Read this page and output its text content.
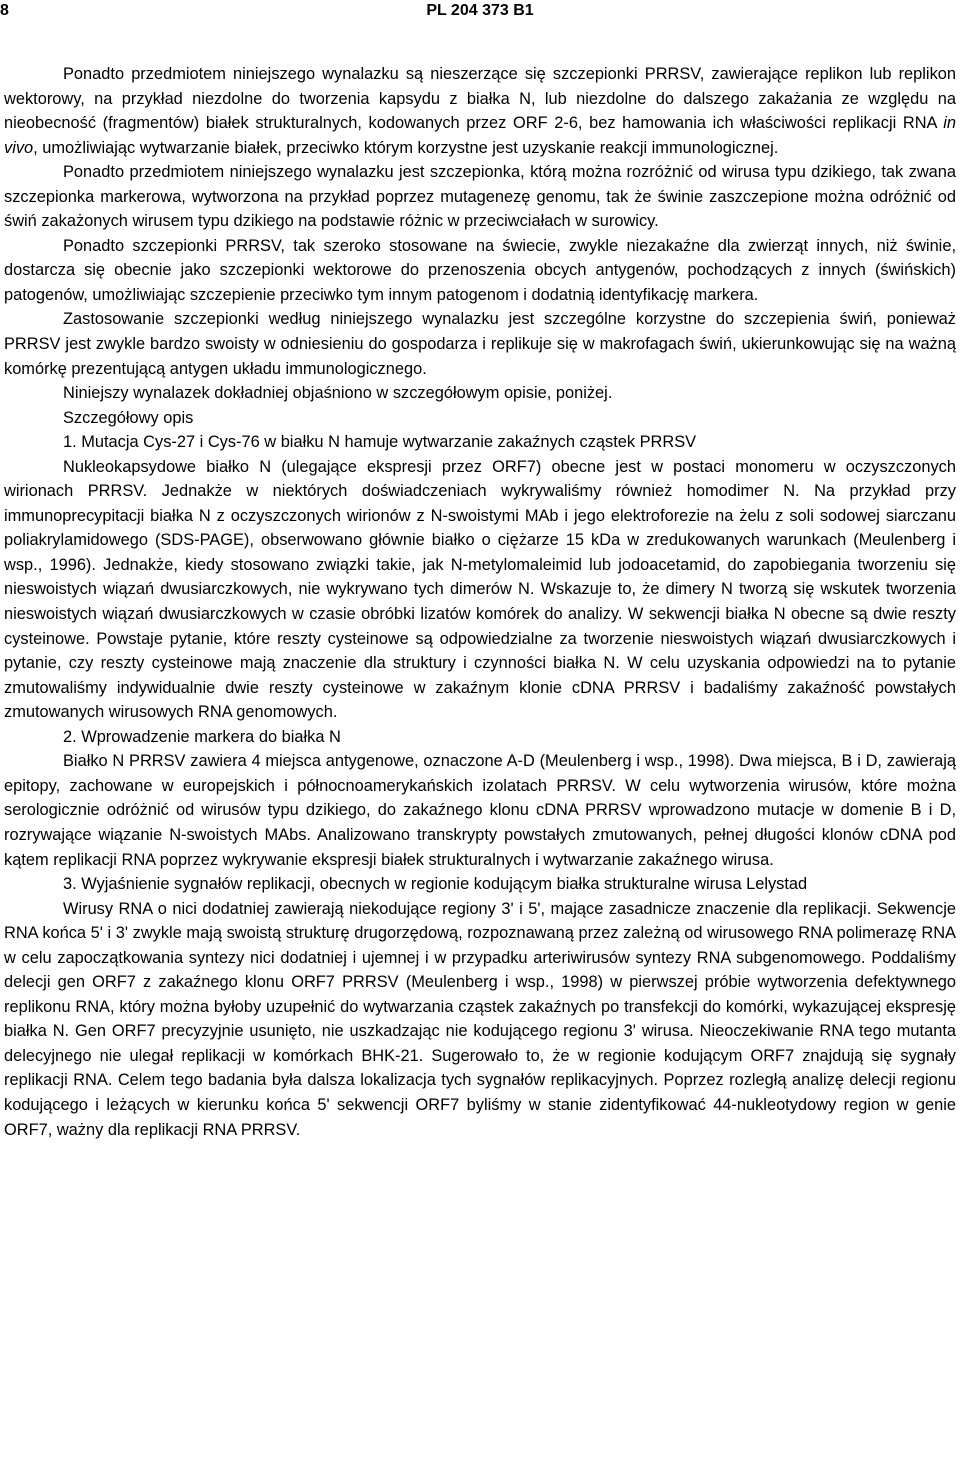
8	PL 204 373 B1

Ponadto przedmiotem niniejszego wynalazku są nieszerzące się szczepionki PRRSV, zawierające replikon lub replikon wektorowy, na przykład niezdolne do tworzenia kapsydu z białka N, lub niezdolne do dalszego zakażania ze względu na nieobecność (fragmentów) białek strukturalnych, kodowanych przez ORF 2-6, bez hamowania ich właściwości replikacji RNA in vivo, umożliwiając wytwarzanie białek, przeciwko którym korzystne jest uzyskanie reakcji immunologicznej.

Ponadto przedmiotem niniejszego wynalazku jest szczepionka, którą można rozróżnić od wirusa typu dzikiego, tak zwana szczepionka markerowa, wytworzona na przykład poprzez mutagenezę genomu, tak że świnie zaszczepione można odróżnić od świń zakażonych wirusem typu dzikiego na podstawie różnic w przeciwciałach w surowicy.

Ponadto szczepionki PRRSV, tak szeroko stosowane na świecie, zwykle niezakaźne dla zwierząt innych, niż świnie, dostarcza się obecnie jako szczepionki wektorowe do przenoszenia obcych antygenów, pochodzących z innych (świńskich) patogenów, umożliwiając szczepienie przeciwko tym innym patogenom i dodatnią identyfikację markera.

Zastosowanie szczepionki według niniejszego wynalazku jest szczególne korzystne do szczepienia świń, ponieważ PRRSV jest zwykle bardzo swoisty w odniesieniu do gospodarza i replikuje się w makrofagach świń, ukierunkowując się na ważną komórkę prezentującą antygen układu immunologicznego.

Niniejszy wynalazek dokładniej objaśniono w szczegółowym opisie, poniżej.

Szczegółowy opis

1. Mutacja Cys-27 i Cys-76 w białku N hamuje wytwarzanie zakaźnych cząstek PRRSV

Nukleokapsydowe białko N (ulegające ekspresji przez ORF7) obecne jest w postaci monomeru w oczyszczonych wirionach PRRSV. Jednakże w niektórych doświadczeniach wykrywaliśmy również homodimer N. Na przykład przy immunoprecypitacji białka N z oczyszczonych wirionów z N-swoistymi MAb i jego elektroforezie na żelu z soli sodowej siarczanu poliakrylamidowego (SDS-PAGE), obserwowano głównie białko o ciężarze 15 kDa w zredukowanych warunkach (Meulenberg i wsp., 1996). Jednakże, kiedy stosowano związki takie, jak N-metylomaleimid lub jodoacetamid, do zapobiegania tworzeniu się nieswoistych wiązań dwusiarczkowych, nie wykrywano tych dimerów N. Wskazuje to, że dimery N tworzą się wskutek tworzenia nieswoistych wiązań dwusiarczkowych w czasie obróbki lizatów komórek do analizy. W sekwencji białka N obecne są dwie reszty cysteinowe. Powstaje pytanie, które reszty cysteinowe są odpowiedzialne za tworzenie nieswoistych wiązań dwusiarczkowych i pytanie, czy reszty cysteinowe mają znaczenie dla struktury i czynności białka N. W celu uzyskania odpowiedzi na to pytanie zmutowaliśmy indywidualnie dwie reszty cysteinowe w zakaźnym klonie cDNA PRRSV i badaliśmy zakaźność powstałych zmutowanych wirusowych RNA genomowych.

2. Wprowadzenie markera do białka N

Białko N PRRSV zawiera 4 miejsca antygenowe, oznaczone A-D (Meulenberg i wsp., 1998). Dwa miejsca, B i D, zawierają epitopy, zachowane w europejskich i północnoamerykańskich izolatach PRRSV. W celu wytworzenia wirusów, które można serologicznie odróżnić od wirusów typu dzikiego, do zakaźnego klonu cDNA PRRSV wprowadzono mutacje w domenie B i D, rozrywające wiązanie N-swoistych MAbs. Analizowano transkrypty powstałych zmutowanych, pełnej długości klonów cDNA pod kątem replikacji RNA poprzez wykrywanie ekspresji białek strukturalnych i wytwarzanie zakaźnego wirusa.

3. Wyjaśnienie sygnałów replikacji, obecnych w regionie kodującym białka strukturalne wirusa Lelystad

Wirusy RNA o nici dodatniej zawierają niekodujące regiony 3' i 5', mające zasadnicze znaczenie dla replikacji. Sekwencje RNA końca 5' i 3' zwykle mają swoistą strukturę drugorzędową, rozpoznawaną przez zależną od wirusowego RNA polimerazę RNA w celu zapoczątkowania syntezy nici dodatniej i ujemnej i w przypadku arteriwirusów syntezy RNA subgenomowego. Poddaliśmy delecji gen ORF7 z zakaźnego klonu ORF7 PRRSV (Meulenberg i wsp., 1998) w pierwszej próbie wytworzenia defektywnego replikonu RNA, który można byłoby uzupełnić do wytwarzania cząstek zakaźnych po transfekcji do komórki, wykazującej ekspresję białka N. Gen ORF7 precyzyjnie usunięto, nie uszkadzając nie kodującego regionu 3' wirusa. Nieoczekiwanie RNA tego mutanta delecyjnego nie ulegał replikacji w komórkach BHK-21. Sugerowało to, że w regionie kodującym ORF7 znajdują się sygnały replikacji RNA. Celem tego badania była dalsza lokalizacja tych sygnałów replikacyjnych. Poprzez rozległą analizę delecji regionu kodującego i leżących w kierunku końca 5' sekwencji ORF7 byliśmy w stanie zidentyfikować 44-nukleotydowy region w genie ORF7, ważny dla replikacji RNA PRRSV.
